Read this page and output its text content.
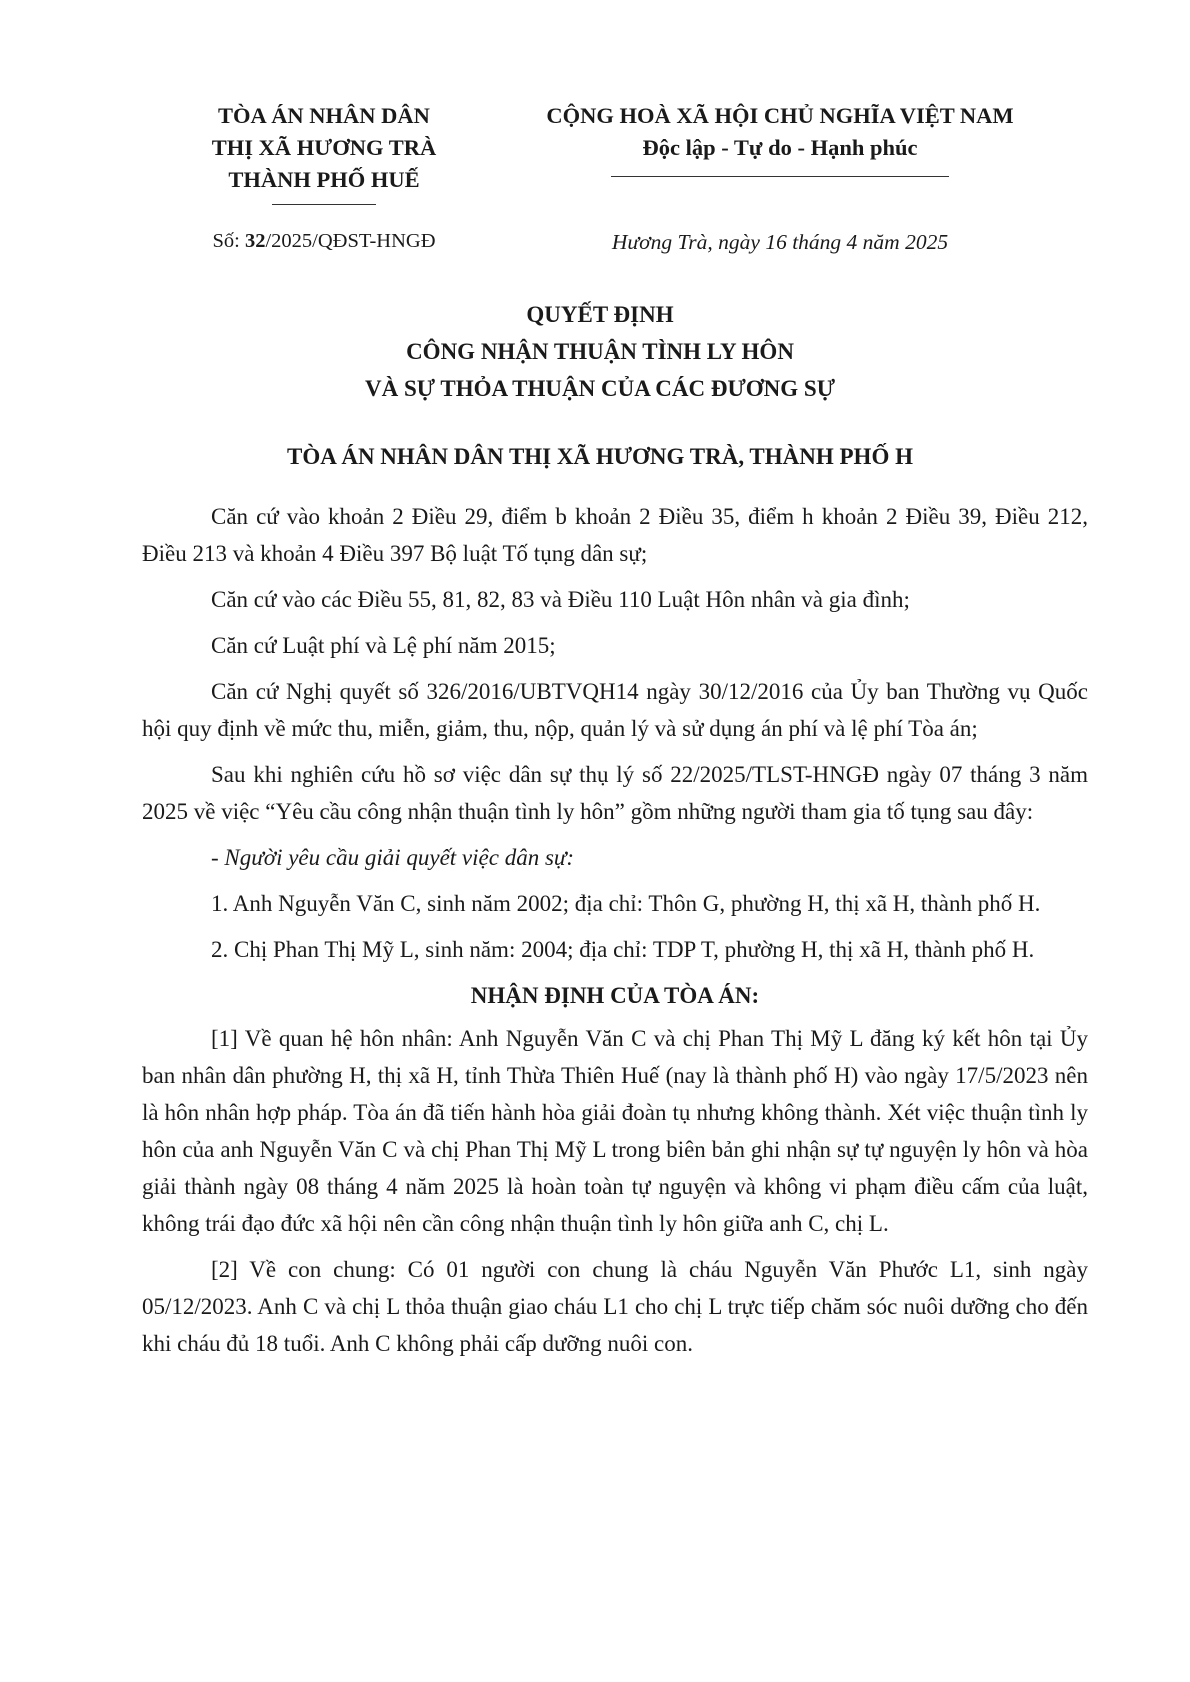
TÒA ÁN NHÂN DÂN
THỊ XÃ HƯƠNG TRÀ
THÀNH PHỐ HUẾ
CỘNG HOÀ XÃ HỘI CHỦ NGHĨA VIỆT NAM
Độc lập - Tự do - Hạnh phúc
Số: 32/2025/QĐST-HNGĐ	Hương Trà, ngày 16 tháng 4 năm 2025
QUYẾT ĐỊNH
CÔNG NHẬN THUẬN TÌNH LY HÔN
VÀ SỰ THỎA THUẬN CỦA CÁC ĐƯƠNG SỰ
TÒA ÁN NHÂN DÂN THỊ XÃ HƯƠNG TRÀ, THÀNH PHỐ H

Căn cứ vào khoản 2 Điều 29, điểm b khoản 2 Điều 35, điểm h khoản 2 Điều 39, Điều 212, Điều 213 và khoản 4 Điều 397 Bộ luật Tố tụng dân sự;

Căn cứ vào các Điều 55, 81, 82, 83 và Điều 110 Luật Hôn nhân và gia đình;

Căn cứ Luật phí và Lệ phí năm 2015;

Căn cứ Nghị quyết số 326/2016/UBTVQH14 ngày 30/12/2016 của Ủy ban Thường vụ Quốc hội quy định về mức thu, miễn, giảm, thu, nộp, quản lý và sử dụng án phí và lệ phí Tòa án;

Sau khi nghiên cứu hồ sơ việc dân sự thụ lý số 22/2025/TLST-HNGĐ ngày 07 tháng 3 năm 2025 về việc “Yêu cầu công nhận thuận tình ly hôn” gồm những người tham gia tố tụng sau đây:

- Người yêu cầu giải quyết việc dân sự:

1. Anh Nguyễn Văn C, sinh năm 2002; địa chỉ: Thôn G, phường H, thị xã H, thành phố H.

2. Chị Phan Thị Mỹ L, sinh năm: 2004; địa chỉ: TDP T, phường H, thị xã H, thành phố H.

NHẬN ĐỊNH CỦA TÒA ÁN:

[1] Về quan hệ hôn nhân: Anh Nguyễn Văn C và chị Phan Thị Mỹ L đăng ký kết hôn tại Ủy ban nhân dân phường H, thị xã H, tỉnh Thừa Thiên Huế (nay là thành phố H) vào ngày 17/5/2023 nên là hôn nhân hợp pháp. Tòa án đã tiến hành hòa giải đoàn tụ nhưng không thành. Xét việc thuận tình ly hôn của anh Nguyễn Văn C và chị Phan Thị Mỹ L trong biên bản ghi nhận sự tự nguyện ly hôn và hòa giải thành ngày 08 tháng 4 năm 2025 là hoàn toàn tự nguyện và không vi phạm điều cấm của luật, không trái đạo đức xã hội nên cần công nhận thuận tình ly hôn giữa anh C, chị L.

[2] Về con chung: Có 01 người con chung là cháu Nguyễn Văn Phước L1, sinh ngày 05/12/2023. Anh C và chị L thỏa thuận giao cháu L1 cho chị L trực tiếp chăm sóc nuôi dưỡng cho đến khi cháu đủ 18 tuổi. Anh C không phải cấp dưỡng nuôi con.
